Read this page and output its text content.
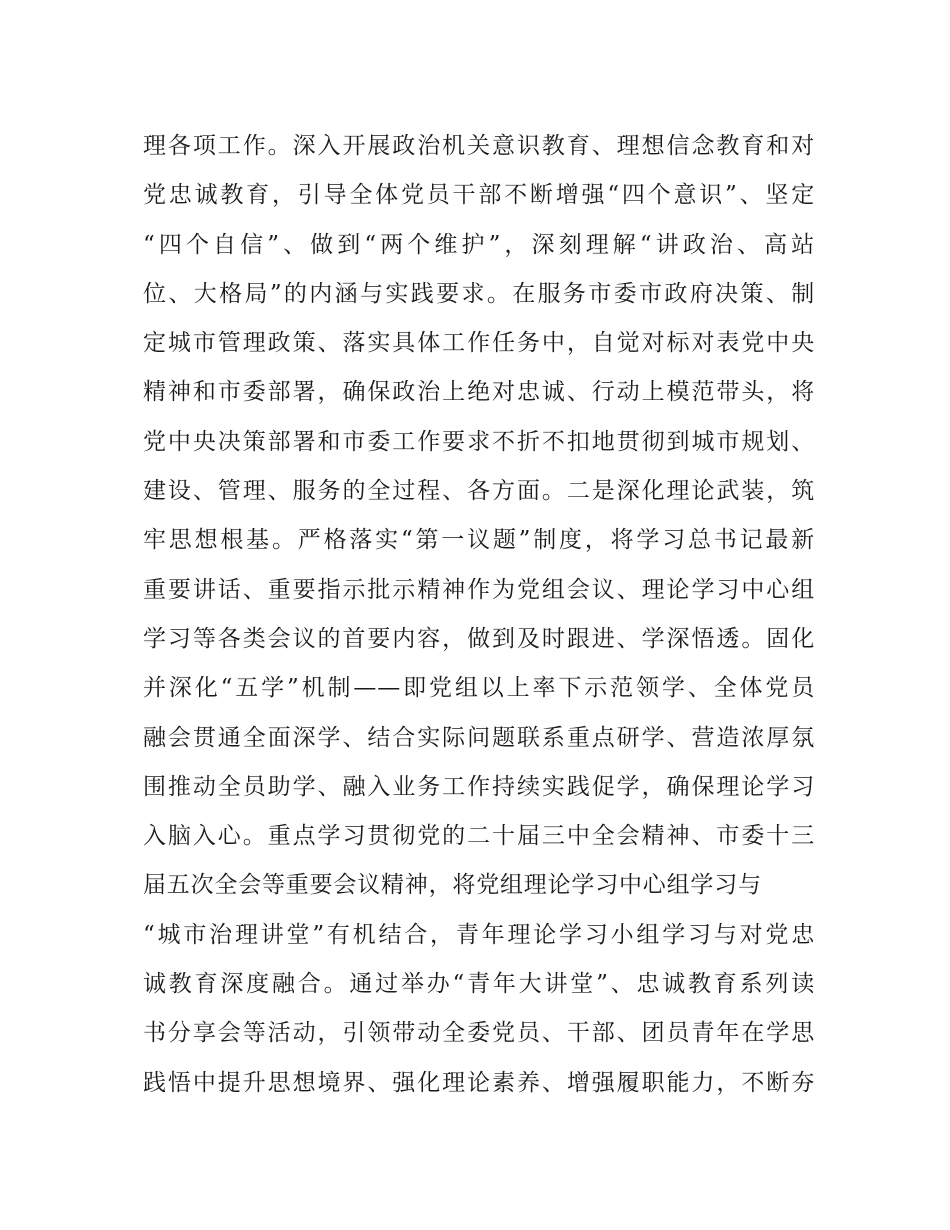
理各项工作。深入开展政治机关意识教育、理想信念教育和对
党忠诚教育，引导全体党员干部不断增强“四个意识”、坚定
“四个自信”、做到“两个维护”，深刻理解“讲政治、高站
位、大格局”的内涵与实践要求。在服务市委市政府决策、制
定城市管理政策、落实具体工作任务中，自觉对标对表党中央
精神和市委部署，确保政治上绝对忠诚、行动上模范带头，将
党中央决策部署和市委工作要求不折不扣地贯彻到城市规划、
建设、管理、服务的全过程、各方面。二是深化理论武装，筑
牢思想根基。严格落实“第一议题”制度，将学习总书记最新
重要讲话、重要指示批示精神作为党组会议、理论学习中心组
学习等各类会议的首要内容，做到及时跟进、学深悟透。固化
并深化“五学”机制——即党组以上率下示范领学、全体党员
融会贯通全面深学、结合实际问题联系重点研学、营造浓厚氛
围推动全员助学、融入业务工作持续实践促学，确保理论学习
入脑入心。重点学习贯彻党的二十届三中全会精神、市委十三
届五次全会等重要会议精神，将党组理论学习中心组学习与
“城市治理讲堂”有机结合，青年理论学习小组学习与对党忠
诚教育深度融合。通过举办“青年大讲堂”、忠诚教育系列读
书分享会等活动，引领带动全委党员、干部、团员青年在学思
践悟中提升思想境界、强化理论素养、增强履职能力，不断夯
